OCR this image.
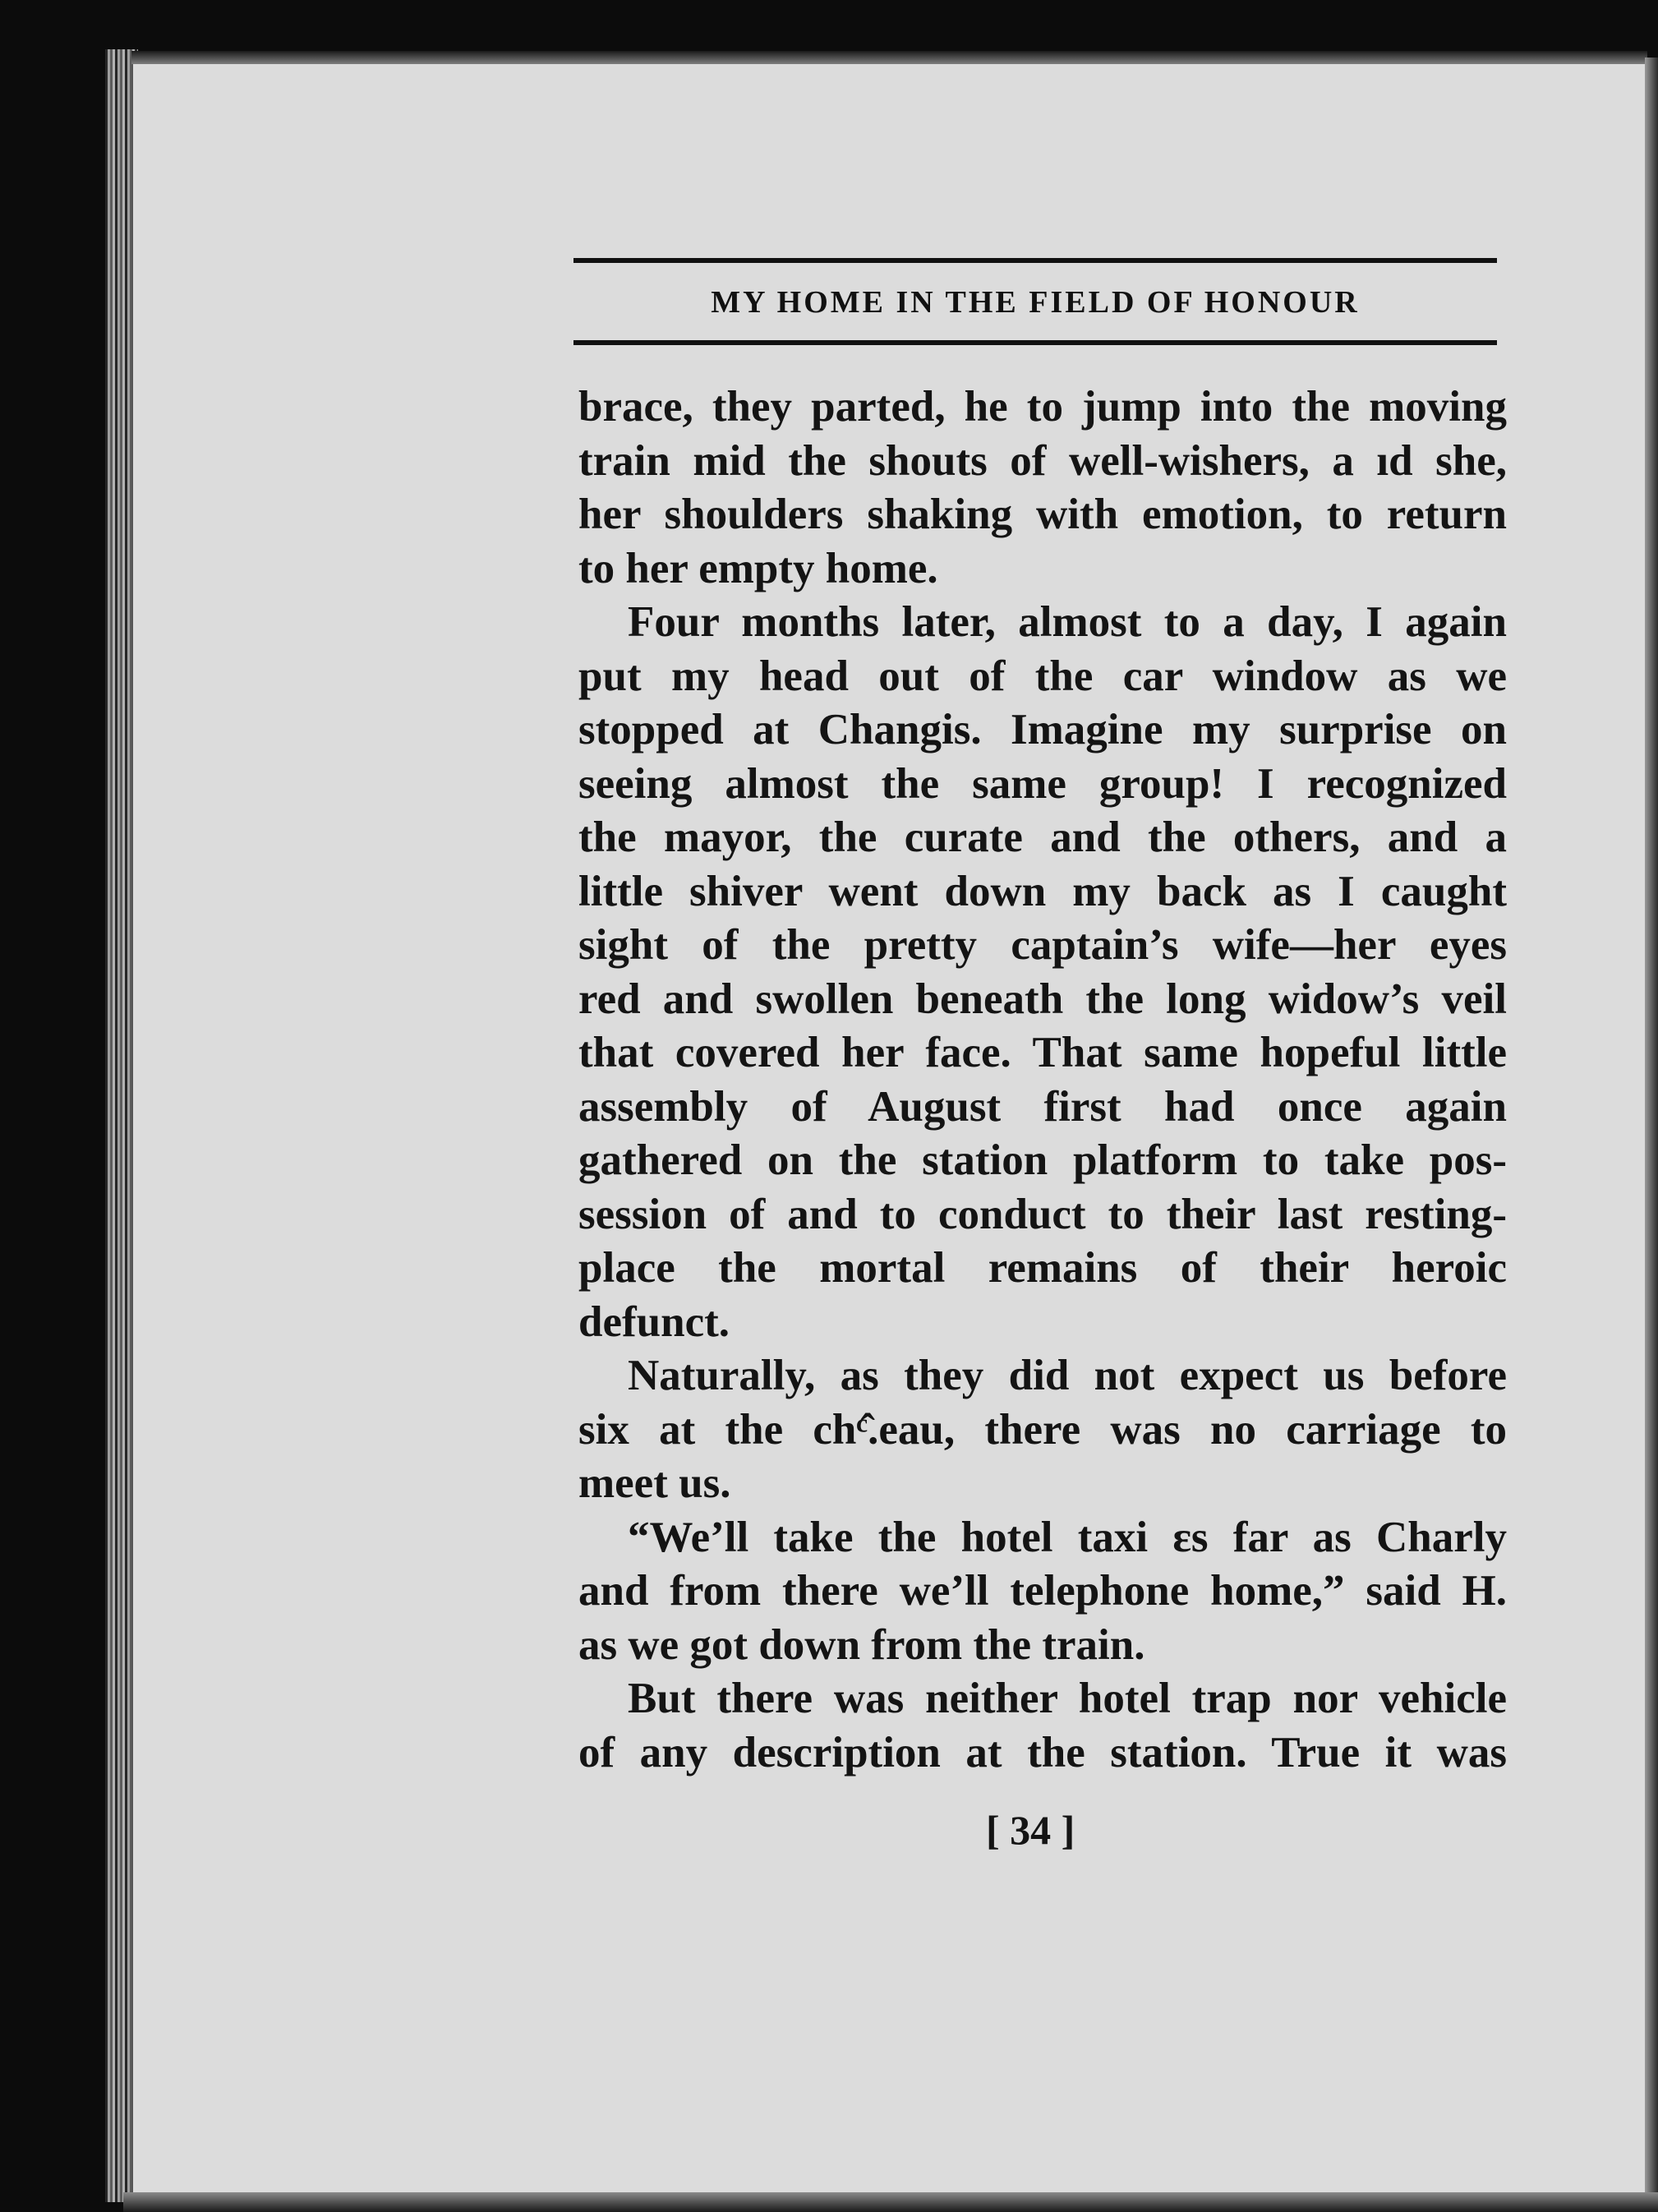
MY HOME IN THE FIELD OF HONOUR
brace, they parted, he to jump into the moving
train mid the shouts of well-wishers, a ıd she,
her shoulders shaking with emotion, to return
to her empty home.
Four months later, almost to a day, I again
put my head out of the car window as we
stopped at Changis. Imagine my surprise on
seeing almost the same group! I recognized
the mayor, the curate and the others, and a
little shiver went down my back as I caught
sight of the pretty captain’s wife—her eyes
red and swollen beneath the long widow’s veil
that covered her face. That same hopeful little
assembly of August first had once again
gathered on the station platform to take pos-
session of and to conduct to their last resting-
place the mortal remains of their heroic
defunct.
Naturally, as they did not expect us before
six at the chᶜ̂.eau, there was no carriage to
meet us.
“We’ll take the hotel taxi ɛs far as Charly
and from there we’ll telephone home,” said H.
as we got down from the train.
But there was neither hotel trap nor vehicle
of any description at the station. True it was
[ 34 ]
